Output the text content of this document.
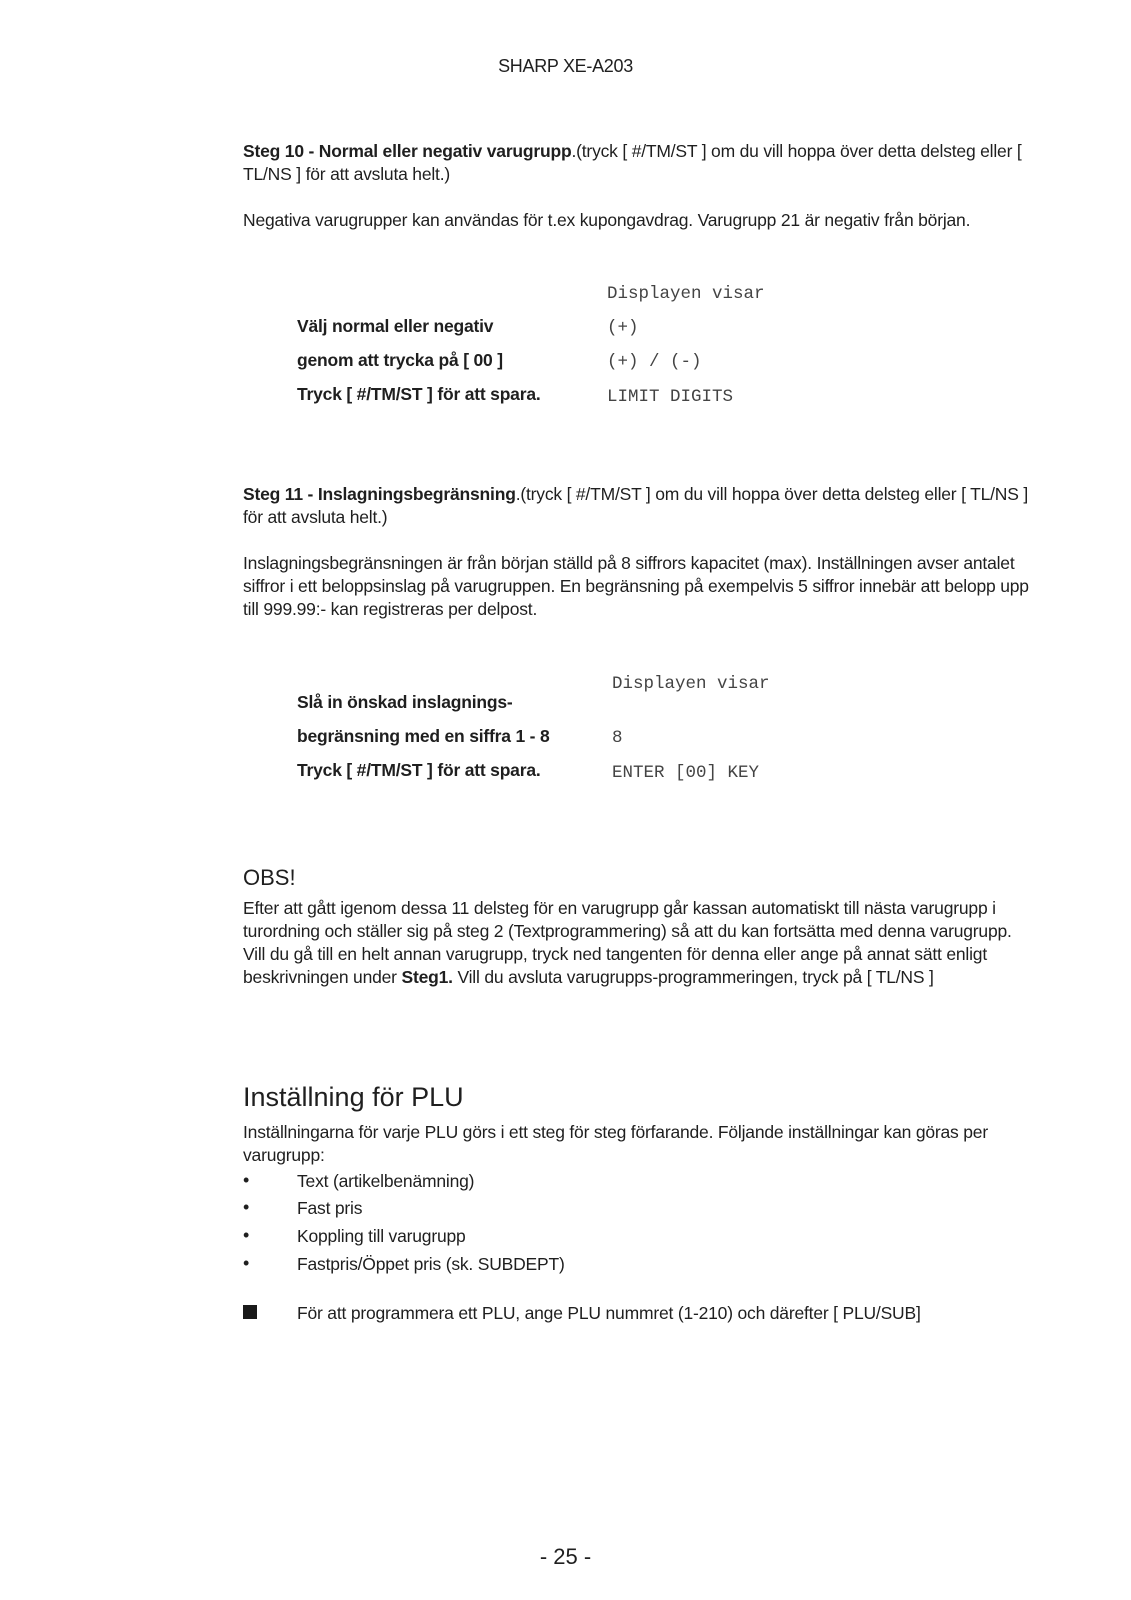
SHARP XE-A203
Steg 10 - Normal eller negativ varugrupp.(tryck [ #/TM/ST ] om du vill hoppa över detta delsteg eller [ TL/NS ] för att avsluta helt.)
Negativa varugrupper kan användas för t.ex kupongavdrag. Varugrupp 21 är negativ från början.
Displayen visar
Välj normal eller negativ	(+)
genom att trycka på [ 00 ]	(+) / (-)
Tryck [ #/TM/ST ] för att spara.	LIMIT DIGITS
Steg 11 - Inslagningsbegränsning.(tryck [ #/TM/ST ] om du vill hoppa över detta delsteg eller [ TL/NS ] för att avsluta helt.)
Inslagningsbegränsningen är från början ställd på 8 siffrors kapacitet (max). Inställningen avser antalet siffror i ett beloppsinslag på varugruppen. En begränsning på exempelvis 5 siffror innebär att belopp upp till 999.99:- kan registreras per delpost.
Displayen visar
Slå in önskad inslagnings-
begränsning med en siffra 1 - 8	8
Tryck [ #/TM/ST ] för att spara.	ENTER [00] KEY
OBS!
Efter att gått igenom dessa 11 delsteg för en varugrupp går kassan automatiskt till nästa varugrupp i turordning och ställer sig på steg 2 (Textprogrammering) så att du kan fortsätta med denna varugrupp. Vill du gå till en helt annan varugrupp, tryck ned tangenten för denna eller ange på annat sätt enligt beskrivningen under Steg1. Vill du avsluta varugrupps-programmeringen, tryck på [ TL/NS ]
Inställning för PLU
Inställningarna för varje PLU görs i ett steg för steg förfarande. Följande inställningar kan göras per varugrupp:
•	Text (artikelbenämning)
•	Fast pris
•	Koppling till varugrupp
•	Fastpris/Öppet pris (sk. SUBDEPT)
För att programmera ett PLU, ange PLU nummret (1-210) och därefter [ PLU/SUB]
- 25 -
